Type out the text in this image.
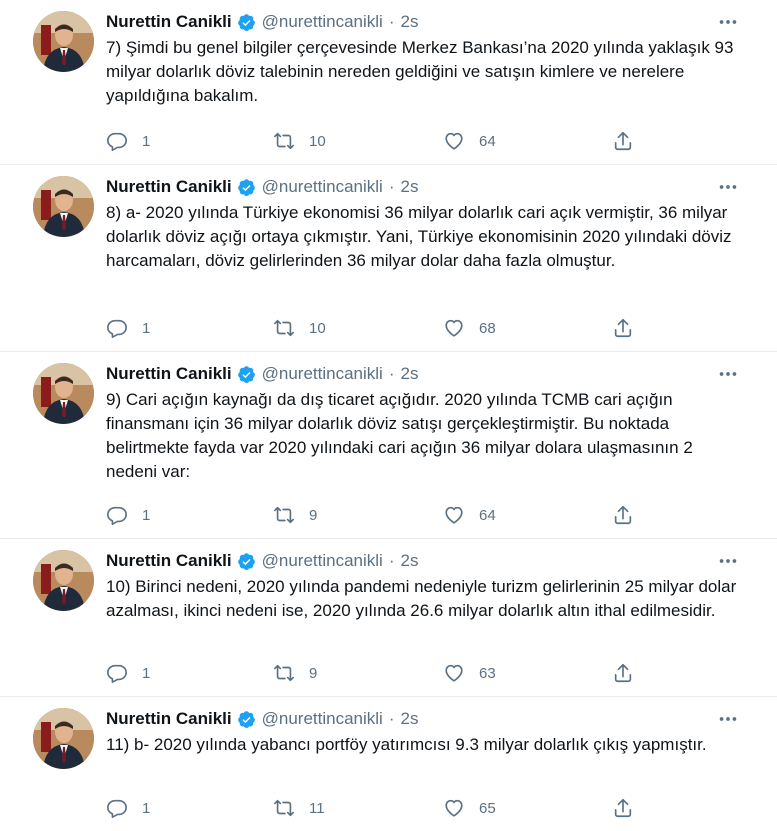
Nurettin Canikli @nurettincanikli · 2s
7) Şimdi bu genel bilgiler çerçevesinde Merkez Bankası’na 2020 yılında yaklaşık 93 milyar dolarlık döviz talebinin nereden geldiğini ve satışın kimlere ve nerelere yapıldığına bakalım.
1	10	64
Nurettin Canikli @nurettincanikli · 2s
8) a- 2020 yılında Türkiye ekonomisi 36 milyar dolarlık cari açık vermiştir, 36 milyar dolarlık döviz açığı ortaya çıkmıştır. Yani, Türkiye ekonomisinin 2020 yılındaki döviz harcamaları, döviz gelirlerinden 36 milyar dolar daha fazla olmuştur.
1	10	68
Nurettin Canikli @nurettincanikli · 2s
9) Cari açığın kaynağı da dış ticaret açığıdır. 2020 yılında TCMB cari açığın finansmanı için 36 milyar dolarlık döviz satışı gerçekleştirmiştir. Bu noktada belirtmekte fayda var 2020 yılındaki cari açığın 36 milyar dolara ulaşmasının 2 nedeni var:
1	9	64
Nurettin Canikli @nurettincanikli · 2s
10) Birinci nedeni, 2020 yılında pandemi nedeniyle turizm gelirlerinin 25 milyar dolar azalması, ikinci nedeni ise, 2020 yılında 26.6 milyar dolarlık altın ithal edilmesidir.
1	9	63
Nurettin Canikli @nurettincanikli · 2s
11) b- 2020 yılında yabancı portföy yatırımcısı 9.3 milyar dolarlık çıkış yapmıştır.
1	11	65
